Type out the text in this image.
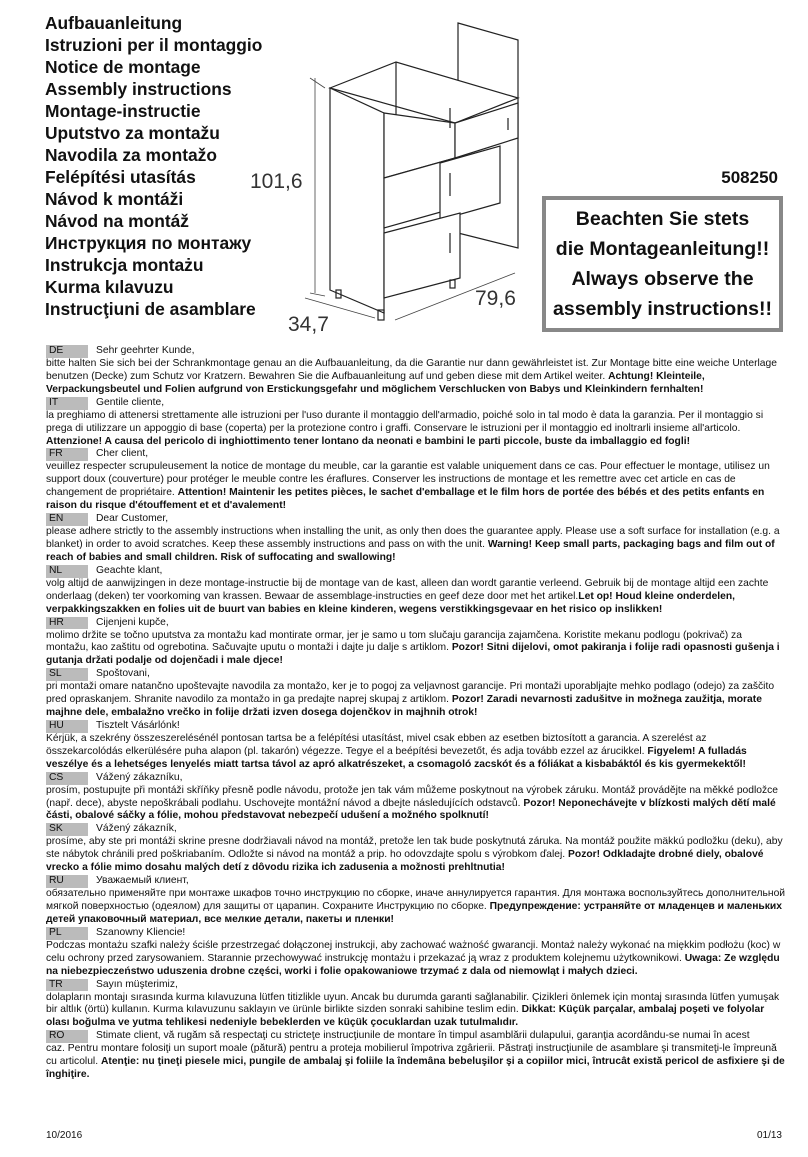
Aufbauanleitung
Istruzioni per il montaggio
Notice de montage
Assembly instructions
Montage-instructie
Uputstvo za montažu
Navodila za montažo
Felépítési utasítás
Návod k montáži
Návod na montáž
Инструкция по монтажу
Instrukcja montażu
Kurma kılavuzu
Instrucţiuni de asamblare
101,6
79,6
34,7
508250
Beachten Sie stets
die Montageanleitung!!
Always observe the
assembly instructions!!
DE	Sehr geehrter Kunde,

bitte halten Sie sich bei der Schrankmontage genau an die Aufbauanleitung, da die Garantie nur dann gewährleistet ist. Zur Montage bitte eine weiche Unterlage benutzen (Decke) zum Schutz vor Kratzern. Bewahren Sie die Aufbauanleitung auf und geben diese mit dem Artikel weiter. Achtung! Kleinteile, Verpackungsbeutel und Folien aufgrund von Erstickungsgefahr und möglichem Verschlucken von Babys und Kleinkindern fernhalten!

IT	Gentile cliente,

la preghiamo di attenersi strettamente alle istruzioni per l'uso durante il montaggio dell'armadio, poiché solo in tal modo è data la garanzia. Per il montaggio si prega di utilizzare un appoggio di base (coperta) per la protezione contro i graffi. Conservare le istruzioni per il montaggio ed inoltrarli insieme all'articolo. Attenzione! A causa del pericolo di inghiottimento tener lontano da neonati e bambini le parti piccole, buste da imballaggio ed fogli!

FR	Cher client,

veuillez respecter scrupuleusement la notice de montage du meuble, car la garantie est valable uniquement dans ce cas. Pour effectuer le montage, utilisez un support doux (couverture) pour protéger le meuble contre les éraflures. Conserver les instructions de montage et les remettre avec cet article en cas de changement de propriétaire. Attention! Maintenir les petites pièces, le sachet d'emballage et le film hors de portée des bébés et des petits enfants en raison du risque d'étouffement et et d'avalement!

EN	Dear Customer,

please adhere strictly to the assembly instructions when installing the unit, as only then does the guarantee apply. Please use a soft surface for installation (e.g. a blanket) in order to avoid scratches. Keep these assembly instructions and pass on with the unit. Warning! Keep small parts, packaging bags and film out of reach of babies and small children. Risk of suffocating and swallowing!

NL	Geachte klant,

volg altijd de aanwijzingen in deze montage-instructie bij de montage van de kast, alleen dan wordt garantie verleend. Gebruik bij de montage altijd een zachte onderlaag (deken) ter voorkoming van krassen. Bewaar de assemblage-instructies en geef deze door met het artikel.Let op! Houd kleine onderdelen, verpakkingszakken en folies uit de buurt van babies en kleine kinderen, wegens verstikkingsgevaar en het risico op inslikken!

HR	Cijenjeni kupče,

molimo držite se točno uputstva za montažu kad montirate ormar, jer je samo u tom slučaju garancija zajamčena. Koristite mekanu podlogu (pokrivač) za montažu, kao zaštitu od ogrebotina. Sačuvajte uputu o montaži i dajte ju dalje s artiklom. Pozor! Sitni dijelovi, omot pakiranja i folije radi opasnosti gušenja i gutanja držati podalje od dojenčadi i male djece!

SL	Spoštovani,

pri montaži omare natančno upoštevajte navodila za montažo, ker je to pogoj za veljavnost garancije. Pri montaži uporabljajte mehko podlago (odejo) za zaščito pred opraskanjem. Shranite navodilo za montažo in ga predajte naprej skupaj z artiklom. Pozor! Zaradi nevarnosti zadušitve in možnega zaužitja, morate majhne dele, embalažno vrečko in folije držati izven dosega dojenčkov in majhnih otrok!

HU	Tisztelt Vásárlónk!

Kérjük, a szekrény összeszerelésénél pontosan tartsa be a felépítési utasítást, mivel csak ebben az esetben biztosított a garancia. A szerelést az összekarcolódás elkerülésére puha alapon (pl. takarón) végezze. Tegye el a beépítési bevezetőt, és adja tovább ezzel az árucikkel. Figyelem! A fulladás veszélye és a lehetséges lenyelés miatt tartsa távol az apró alkatrészeket, a csomagoló zacskót és a fóliákat a kisbabáktól és kis gyermekektől!

CS	Vážený zákazníku,

prosím, postupujte při montáži skříňky přesně podle návodu, protože jen tak vám můžeme poskytnout na výrobek záruku. Montáž provádějte na měkké podložce (např. dece), abyste nepoškrábali podlahu. Uschovejte montážní návod a dbejte následujících odstavců. Pozor! Neponechávejte v blízkosti malých dětí malé části, obalové sáčky a fólie, mohou představovat nebezpečí udušení a možného spolknutí!

SK	Vážený zákazník,

prosíme, aby ste pri montáži skrine presne dodržiavali návod na montáž, pretože len tak bude poskytnutá záruka. Na montáž použite mäkkú podložku (deku), aby ste nábytok chránili pred poškriabaním. Odložte si návod na montáž a prip. ho odovzdajte spolu s výrobkom ďalej. Pozor! Odkladajte drobné diely, obalové vrecko a fólie mimo dosahu malých detí z dôvodu rizika ich zadusenia a možnosti prehltnutia!

RU	Уважаемый клиент,

обязательно применяйте при монтаже шкафов точно инструкцию по сборке, иначе аннулируется гарантия. Для монтажа воспользуйтесь дополнительной мягкой поверхностью (одеялом) для защиты от царапин. Сохраните Инструкцию по сборке. Предупреждение: устраняйте от младенцев и маленьких детей упаковочный материал, все мелкие детали, пакеты и пленки!

PL	Szanowny Kliencie!

Podczas montażu szafki należy ściśle przestrzegać dołączonej instrukcji, aby zachować ważność gwarancji. Montaż należy wykonać na miękkim podłożu (koc) w celu ochrony przed zarysowaniem. Starannie przechowywać instrukcję montażu i przekazać ją wraz z produktem kolejnemu użytkownikowi. Uwaga: Ze względu na niebezpieczeństwo uduszenia drobne części, worki i folie opakowaniowe trzymać z dala od niemowląt i małych dzieci.

TR	Sayın müşterimiz,

dolapların montajı sırasında kurma kılavuzuna lütfen titizlikle uyun. Ancak bu durumda garanti sağlanabilir. Çizikleri önlemek için montaj sırasında lütfen yumuşak bir altlık (örtü) kullanın. Kurma kılavuzunu saklayın ve ürünle birlikte sizden sonraki sahibine teslim edin. Dikkat: Küçük parçalar, ambalaj poşeti ve folyolar olası boğulma ve yutma tehlikesi nedeniyle bebeklerden ve küçük çocuklardan uzak tutulmalıdır.

RO	Stimate client, vă rugăm să respectaţi cu stricteţe instrucţiunile de montare în timpul asamblării dulapului, garanţia acordându-se numai în acest

caz. Pentru montare folosiţi un suport moale (pătură) pentru a proteja mobilierul împotriva zgârierii. Păstraţi instrucţiunile de asamblare şi transmiteţi-le împreună cu articolul. Atenţie: nu ţineţi piesele mici, pungile de ambalaj şi foliile la îndemâna bebeluşilor şi a copiilor mici, întrucât există pericol de asfixiere şi de înghiţire.

10/2016	01/13
